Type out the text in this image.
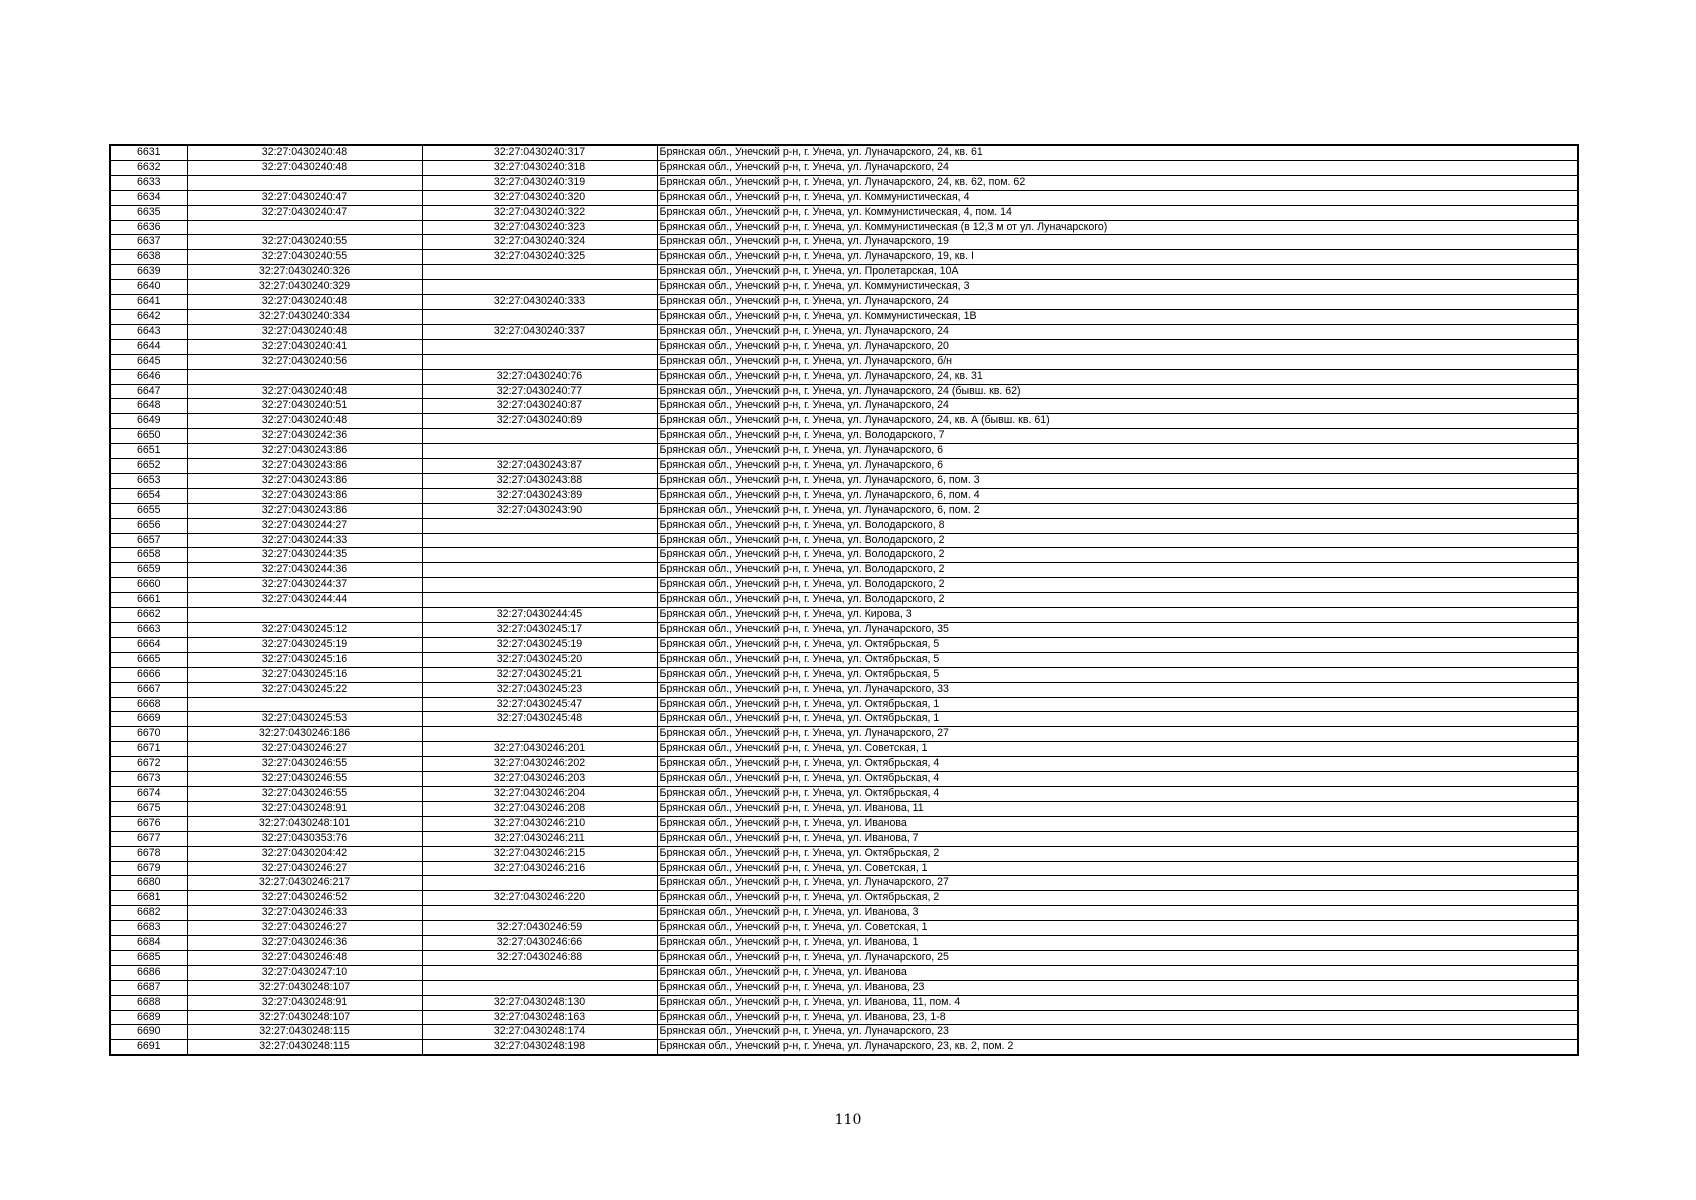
6631	32:27:0430240:48	32:27:0430240:317	Брянская обл., Унечский р-н, г. Унеча, ул. Луначарского, 24, кв. 61
6632	32:27:0430240:48	32:27:0430240:318	Брянская обл., Унечский р-н, г. Унеча, ул. Луначарского, 24
6633		32:27:0430240:319	Брянская обл., Унечский р-н, г. Унеча, ул. Луначарского, 24, кв. 62, пом. 62
6634	32:27:0430240:47	32:27:0430240:320	Брянская обл., Унечский р-н, г. Унеча, ул. Коммунистическая, 4
6635	32:27:0430240:47	32:27:0430240:322	Брянская обл., Унечский р-н, г. Унеча, ул. Коммунистическая, 4, пом. 14
6636		32:27:0430240:323	Брянская обл., Унечский р-н, г. Унеча, ул. Коммунистическая (в 12,3 м от ул. Луначарского)
6637	32:27:0430240:55	32:27:0430240:324	Брянская обл., Унечский р-н, г. Унеча, ул. Луначарского, 19
6638	32:27:0430240:55	32:27:0430240:325	Брянская обл., Унечский р-н, г. Унеча, ул. Луначарского, 19, кв. I
6639	32:27:0430240:326		Брянская обл., Унечский р-н, г. Унеча, ул. Пролетарская, 10А
6640	32:27:0430240:329		Брянская обл., Унечский р-н, г. Унеча, ул. Коммунистическая, 3
6641	32:27:0430240:48	32:27:0430240:333	Брянская обл., Унечский р-н, г. Унеча, ул. Луначарского, 24
6642	32:27:0430240:334		Брянская обл., Унечский р-н, г. Унеча, ул. Коммунистическая, 1В
6643	32:27:0430240:48	32:27:0430240:337	Брянская обл., Унечский р-н, г. Унеча, ул. Луначарского, 24
6644	32:27:0430240:41		Брянская обл., Унечский р-н, г. Унеча, ул. Луначарского, 20
6645	32:27:0430240:56		Брянская обл., Унечский р-н, г. Унеча, ул. Луначарского, б/н
6646		32:27:0430240:76	Брянская обл., Унечский р-н, г. Унеча, ул. Луначарского, 24, кв. 31
6647	32:27:0430240:48	32:27:0430240:77	Брянская обл., Унечский р-н, г. Унеча, ул. Луначарского, 24 (бывш. кв. 62)
6648	32:27:0430240:51	32:27:0430240:87	Брянская обл., Унечский р-н, г. Унеча, ул. Луначарского, 24
6649	32:27:0430240:48	32:27:0430240:89	Брянская обл., Унечский р-н, г. Унеча, ул. Луначарского, 24, кв. А (бывш. кв. 61)
6650	32:27:0430242:36		Брянская обл., Унечский р-н, г. Унеча, ул. Володарского, 7
6651	32:27:0430243:86		Брянская обл., Унечский р-н, г. Унеча, ул. Луначарского, 6
6652	32:27:0430243:86	32:27:0430243:87	Брянская обл., Унечский р-н, г. Унеча, ул. Луначарского, 6
6653	32:27:0430243:86	32:27:0430243:88	Брянская обл., Унечский р-н, г. Унеча, ул. Луначарского, 6, пом. 3
6654	32:27:0430243:86	32:27:0430243:89	Брянская обл., Унечский р-н, г. Унеча, ул. Луначарского, 6, пом. 4
6655	32:27:0430243:86	32:27:0430243:90	Брянская обл., Унечский р-н, г. Унеча, ул. Луначарского, 6, пом. 2
6656	32:27:0430244:27		Брянская обл., Унечский р-н, г. Унеча, ул. Володарского, 8
6657	32:27:0430244:33		Брянская обл., Унечский р-н, г. Унеча, ул. Володарского, 2
6658	32:27:0430244:35		Брянская обл., Унечский р-н, г. Унеча, ул. Володарского, 2
6659	32:27:0430244:36		Брянская обл., Унечский р-н, г. Унеча, ул. Володарского, 2
6660	32:27:0430244:37		Брянская обл., Унечский р-н, г. Унеча, ул. Володарского, 2
6661	32:27:0430244:44		Брянская обл., Унечский р-н, г. Унеча, ул. Володарского, 2
6662		32:27:0430244:45	Брянская обл., Унечский р-н, г. Унеча, ул. Кирова, 3
6663	32:27:0430245:12	32:27:0430245:17	Брянская обл., Унечский р-н, г. Унеча, ул. Луначарского, 35
6664	32:27:0430245:19	32:27:0430245:19	Брянская обл., Унечский р-н, г. Унеча, ул. Октябрьская, 5
6665	32:27:0430245:16	32:27:0430245:20	Брянская обл., Унечский р-н, г. Унеча, ул. Октябрьская, 5
6666	32:27:0430245:16	32:27:0430245:21	Брянская обл., Унечский р-н, г. Унеча, ул. Октябрьская, 5
6667	32:27:0430245:22	32:27:0430245:23	Брянская обл., Унечский р-н, г. Унеча, ул. Луначарского, 33
6668		32:27:0430245:47	Брянская обл., Унечский р-н, г. Унеча, ул. Октябрьская, 1
6669	32:27:0430245:53	32:27:0430245:48	Брянская обл., Унечский р-н, г. Унеча, ул. Октябрьская, 1
6670	32:27:0430246:186		Брянская обл., Унечский р-н, г. Унеча, ул. Луначарского, 27
6671	32:27:0430246:27	32:27:0430246:201	Брянская обл., Унечский р-н, г. Унеча, ул. Советская, 1
6672	32:27:0430246:55	32:27:0430246:202	Брянская обл., Унечский р-н, г. Унеча, ул. Октябрьская, 4
6673	32:27:0430246:55	32:27:0430246:203	Брянская обл., Унечский р-н, г. Унеча, ул. Октябрьская, 4
6674	32:27:0430246:55	32:27:0430246:204	Брянская обл., Унечский р-н, г. Унеча, ул. Октябрьская, 4
6675	32:27:0430248:91	32:27:0430246:208	Брянская обл., Унечский р-н, г. Унеча, ул. Иванова, 11
6676	32:27:0430248:101	32:27:0430246:210	Брянская обл., Унечский р-н, г. Унеча, ул. Иванова
6677	32:27:0430353:76	32:27:0430246:211	Брянская обл., Унечский р-н, г. Унеча, ул. Иванова, 7
6678	32:27:0430204:42	32:27:0430246:215	Брянская обл., Унечский р-н, г. Унеча, ул. Октябрьская, 2
6679	32:27:0430246:27	32:27:0430246:216	Брянская обл., Унечский р-н, г. Унеча, ул. Советская, 1
6680	32:27:0430246:217		Брянская обл., Унечский р-н, г. Унеча, ул. Луначарского, 27
6681	32:27:0430246:52	32:27:0430246:220	Брянская обл., Унечский р-н, г. Унеча, ул. Октябрьская, 2
6682	32:27:0430246:33		Брянская обл., Унечский р-н, г. Унеча, ул. Иванова, 3
6683	32:27:0430246:27	32:27:0430246:59	Брянская обл., Унечский р-н, г. Унеча, ул. Советская, 1
6684	32:27:0430246:36	32:27:0430246:66	Брянская обл., Унечский р-н, г. Унеча, ул. Иванова, 1
6685	32:27:0430246:48	32:27:0430246:88	Брянская обл., Унечский р-н, г. Унеча, ул. Луначарского, 25
6686	32:27:0430247:10		Брянская обл., Унечский р-н, г. Унеча, ул. Иванова
6687	32:27:0430248:107		Брянская обл., Унечский р-н, г. Унеча, ул. Иванова, 23
6688	32:27:0430248:91	32:27:0430248:130	Брянская обл., Унечский р-н, г. Унеча, ул. Иванова, 11, пом. 4
6689	32:27:0430248:107	32:27:0430248:163	Брянская обл., Унечский р-н, г. Унеча, ул. Иванова, 23, 1-8
6690	32:27:0430248:115	32:27:0430248:174	Брянская обл., Унечский р-н, г. Унеча, ул. Луначарского, 23
6691	32:27:0430248:115	32:27:0430248:198	Брянская обл., Унечский р-н, г. Унеча, ул. Луначарского, 23, кв. 2, пом. 2
110
